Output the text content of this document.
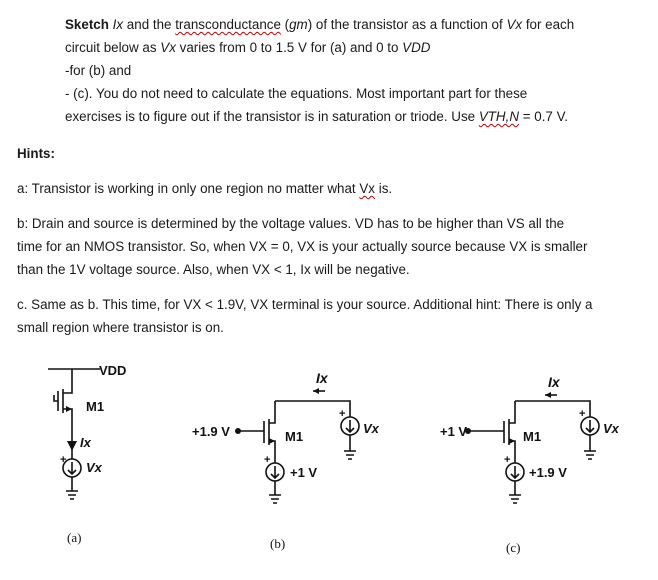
Sketch Ix and the transconductance (gm) of the transistor as a function of Vx for each

circuit below as Vx varies from 0 to 1.5 V for (a) and 0 to VDD

-for (b) and

- (c). You do not need to calculate the equations. Most important part for these

exercises is to figure out if the transistor is in saturation or triode. Use VTH,N = 0.7 V.

Hints:

a: Transistor is working in only one region no matter what Vx is.

b: Drain and source is determined by the voltage values. VD has to be higher than VS all the

time for an NMOS transistor. So, when VX = 0, VX is your actually source because VX is smaller

than the 1V voltage source. Also, when VX < 1, Ix will be negative.

c. Same as b. This time, for VX < 1.9V, VX terminal is your source. Additional hint: There is only a

small region where transistor is on.

VDD
M1
Ix
+ Vx
(a)
Ix
+1.9 V	M1
+
Vx
+
+1 V
(b)
Ix
+1 V	M1
+
Vx
+
+1.9 V
(c)
